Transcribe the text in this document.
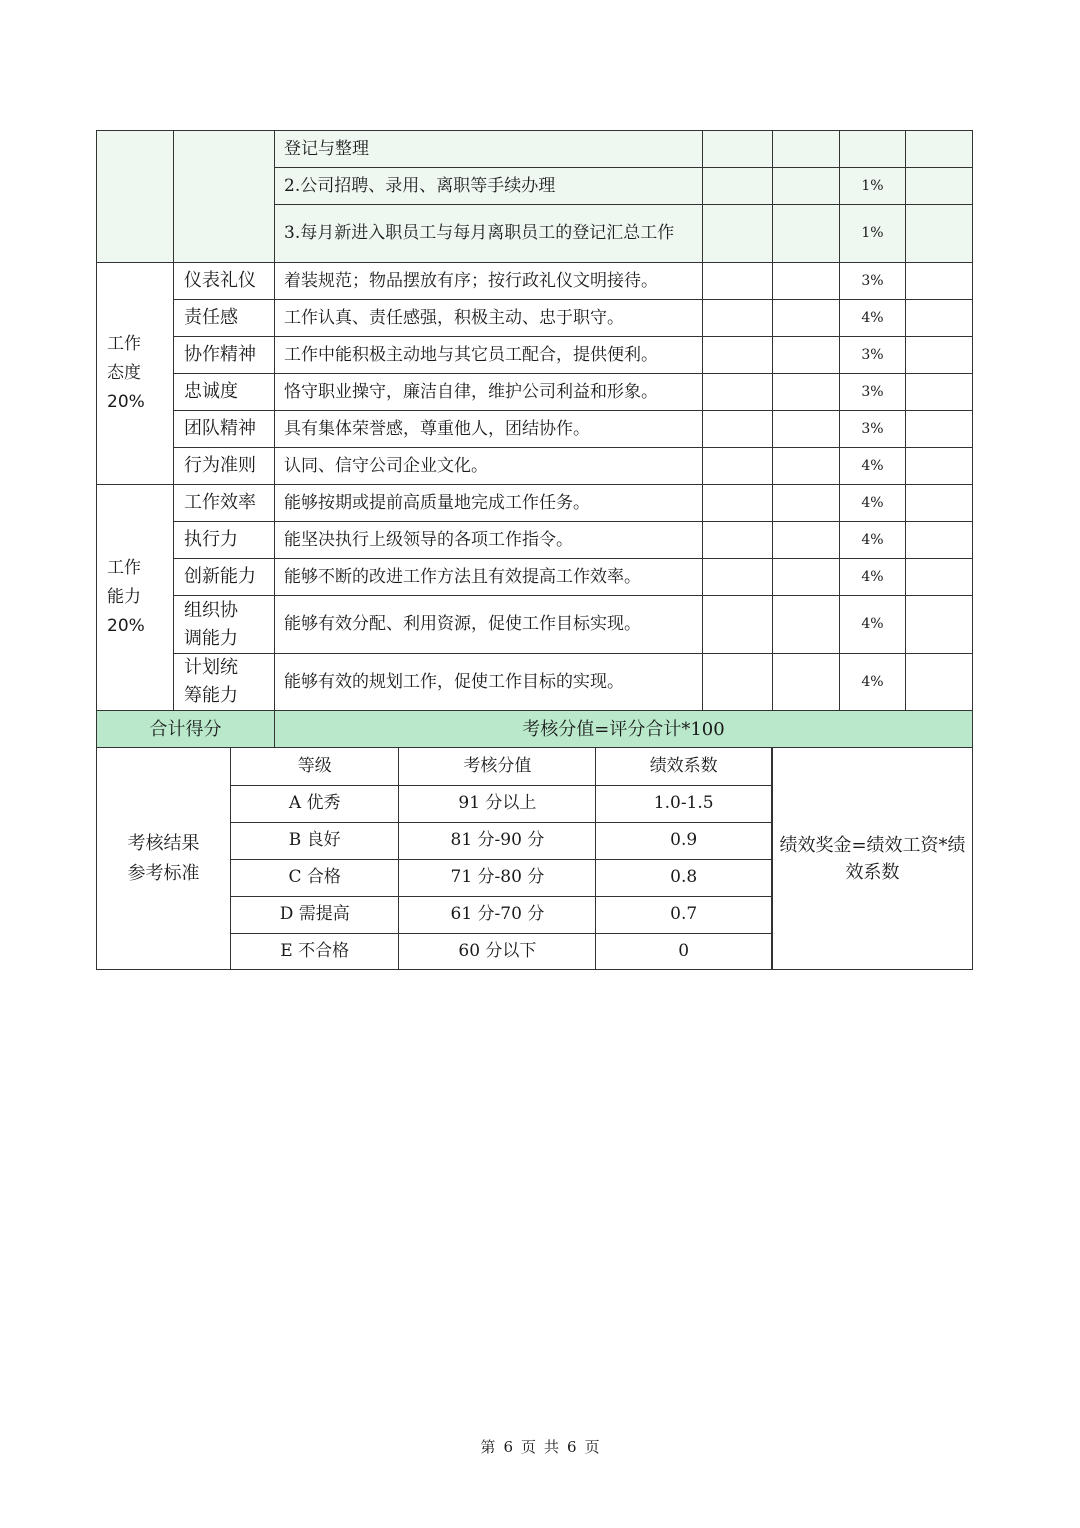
		登记与整理				
2.公司招聘、录用、离职等手续办理			1%	
3.每月新进入职员工与每月离职员工的登记汇总工作			1%	

工作
态度
20%
	仪表礼仪	着装规范；物品摆放有序；按行政礼仪文明接待。			3%	
责任感	工作认真、责任感强，积极主动、忠于职守。			4%	
协作精神	工作中能积极主动地与其它员工配合，提供便利。			3%	
忠诚度	恪守职业操守，廉洁自律，维护公司利益和形象。			3%	
团队精神	具有集体荣誉感，尊重他人，团结协作。			3%	
行为准则	认同、信守公司企业文化。			4%	

工作
能力
20%
	工作效率	能够按期或提前高质量地完成工作任务。			4%	
执行力	能坚决执行上级领导的各项工作指令。			4%	
创新能力	能够不断的改进工作方法且有效提高工作效率。			4%	

组织协
调能力
	能够有效分配、利用资源，促使工作目标实现。			4%	

计划统
筹能力
	能够有效的规划工作，促使工作目标的实现。			4%	
合计得分	考核分值=评分合计*100

考核结果
参考标准

等级	考核分值	绩效系数
A 优秀	91 分以上	1.0-1.5
B 良好	81 分-90 分	0.9
C 合格	71 分-80 分	0.8
D 需提高	61 分-70 分	0.7
E 不合格	60 分以下	0
	绩效奖金=绩效工资*绩效系数
第 6 页 共 6 页
